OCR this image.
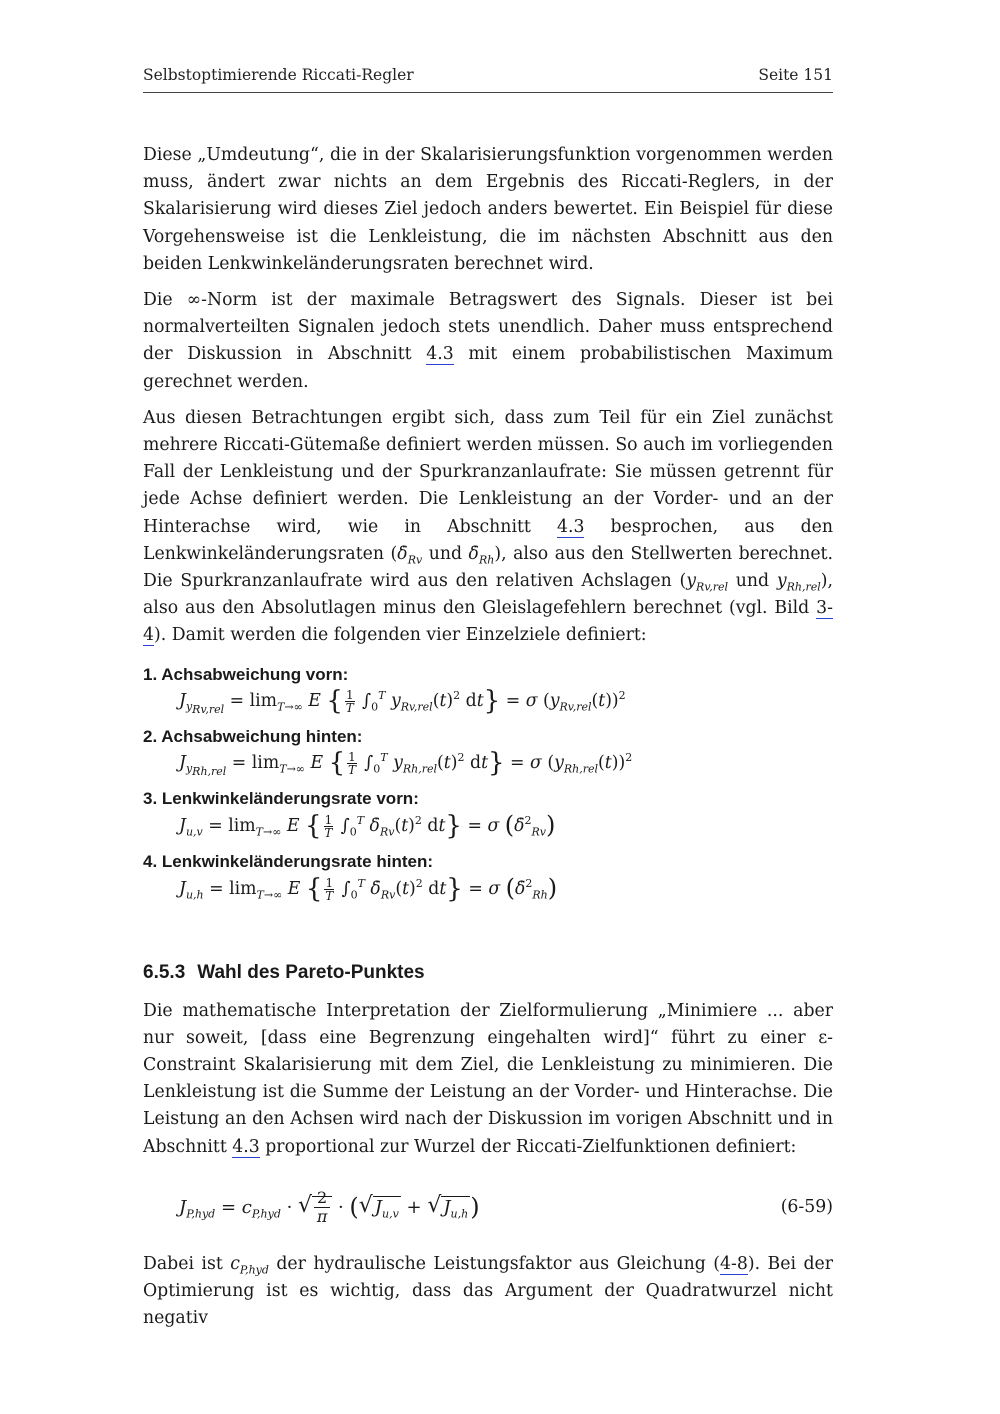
Selbstoptimierende Riccati-Regler	Seite 151

Diese „Umdeutung“, die in der Skalarisierungsfunktion vorgenommen werden muss, ändert zwar nichts an dem Ergebnis des Riccati-Reglers, in der Skalarisierung wird dieses Ziel jedoch anders bewertet. Ein Beispiel für diese Vorgehensweise ist die Lenkleistung, die im nächsten Abschnitt aus den beiden Lenkwinkeländerungsraten berechnet wird.

Die ∞-Norm ist der maximale Betragswert des Signals. Dieser ist bei normalverteilten Signalen jedoch stets unendlich. Daher muss entsprechend der Diskussion in Abschnitt 4.3 mit einem probabilistischen Maximum gerechnet werden.

Aus diesen Betrachtungen ergibt sich, dass zum Teil für ein Ziel zunächst mehrere Riccati-Gütemaße definiert werden müssen. So auch im vorliegenden Fall der Lenkleistung und der Spurkranzanlaufrate: Sie müssen getrennt für jede Achse definiert werden. Die Lenkleistung an der Vorder- und an der Hinterachse wird, wie in Abschnitt 4.3 besprochen, aus den Lenkwinkeländerungsraten ($\deltȧ_{Rv}$ und $\deltȧ_{Rh}$), also aus den Stellwerten berechnet. Die Spurkranzanlaufrate wird aus den relativen Achslagen ($y_{Rv,rel}$ und $y_{Rh,rel}$), also aus den Absolutlagen minus den Gleislagefehlern berechnet (vgl. Bild 3-4). Damit werden die folgenden vier Einzelziele definiert:

1. Achsabweichung vorn:
$J_{y_{Rv,rel}} = \lim_{T\to\infty} E$ { $\frac{1}{T} \int_0^T$ $y_{Rv,rel}(t)^2$ dt} = σ $(y_{Rv,rel}(t))^2$
2. Achsabweichung hinten:
$J_{y_{Rh,rel}} = \lim_{T\to\infty} E$ { $\frac{1}{T} \int_0^T$ $y_{Rh,rel}(t)^2$ dt} = σ $(y_{Rh,rel}(t))^2$
3. Lenkwinkeländerungsrate vorn:
$J_{u,v} = \lim_{T\to\infty} E$ { $\frac{1}{T} \int_0^T$ $\deltȧ_{Rv}(t)^2$ dt} = σ (δ̇$^2_{Rv}$)
4. Lenkwinkeländerungsrate hinten:
$J_{u,h} = \lim_{T\to\infty} E$ { $\frac{1}{T} \int_0^T$ $\deltȧ_{Rv}(t)^2$ dt} = σ (δ̇$^2_{Rh}$)
6.5.3 Wahl des Pareto-Punktes

Die mathematische Interpretation der Zielformulierung „Minimiere ... aber nur soweit, [dass eine Begrenzung eingehalten wird]“ führt zu einer ε-Constraint Skalarisierung mit dem Ziel, die Lenkleistung zu minimieren. Die Lenkleistung ist die Summe der Leistung an der Vorder- und Hinterachse. Die Leistung an den Achsen wird nach der Diskussion im vorigen Abschnitt und in Abschnitt 4.3 proportional zur Wurzel der Riccati-Zielfunktionen definiert:

$J_{P,hyd} = c_{P,hyd}$ · √ $\frac{2}{\pi}$ · ( √ $J_{u,v}$ + √ $J_{u,h}$)	(6-59)

Dabei ist $c_{P,hyd}$ der hydraulische Leistungsfaktor aus Gleichung (4-8). Bei der Optimierung ist es wichtig, dass das Argument der Quadratwurzel nicht negativ
